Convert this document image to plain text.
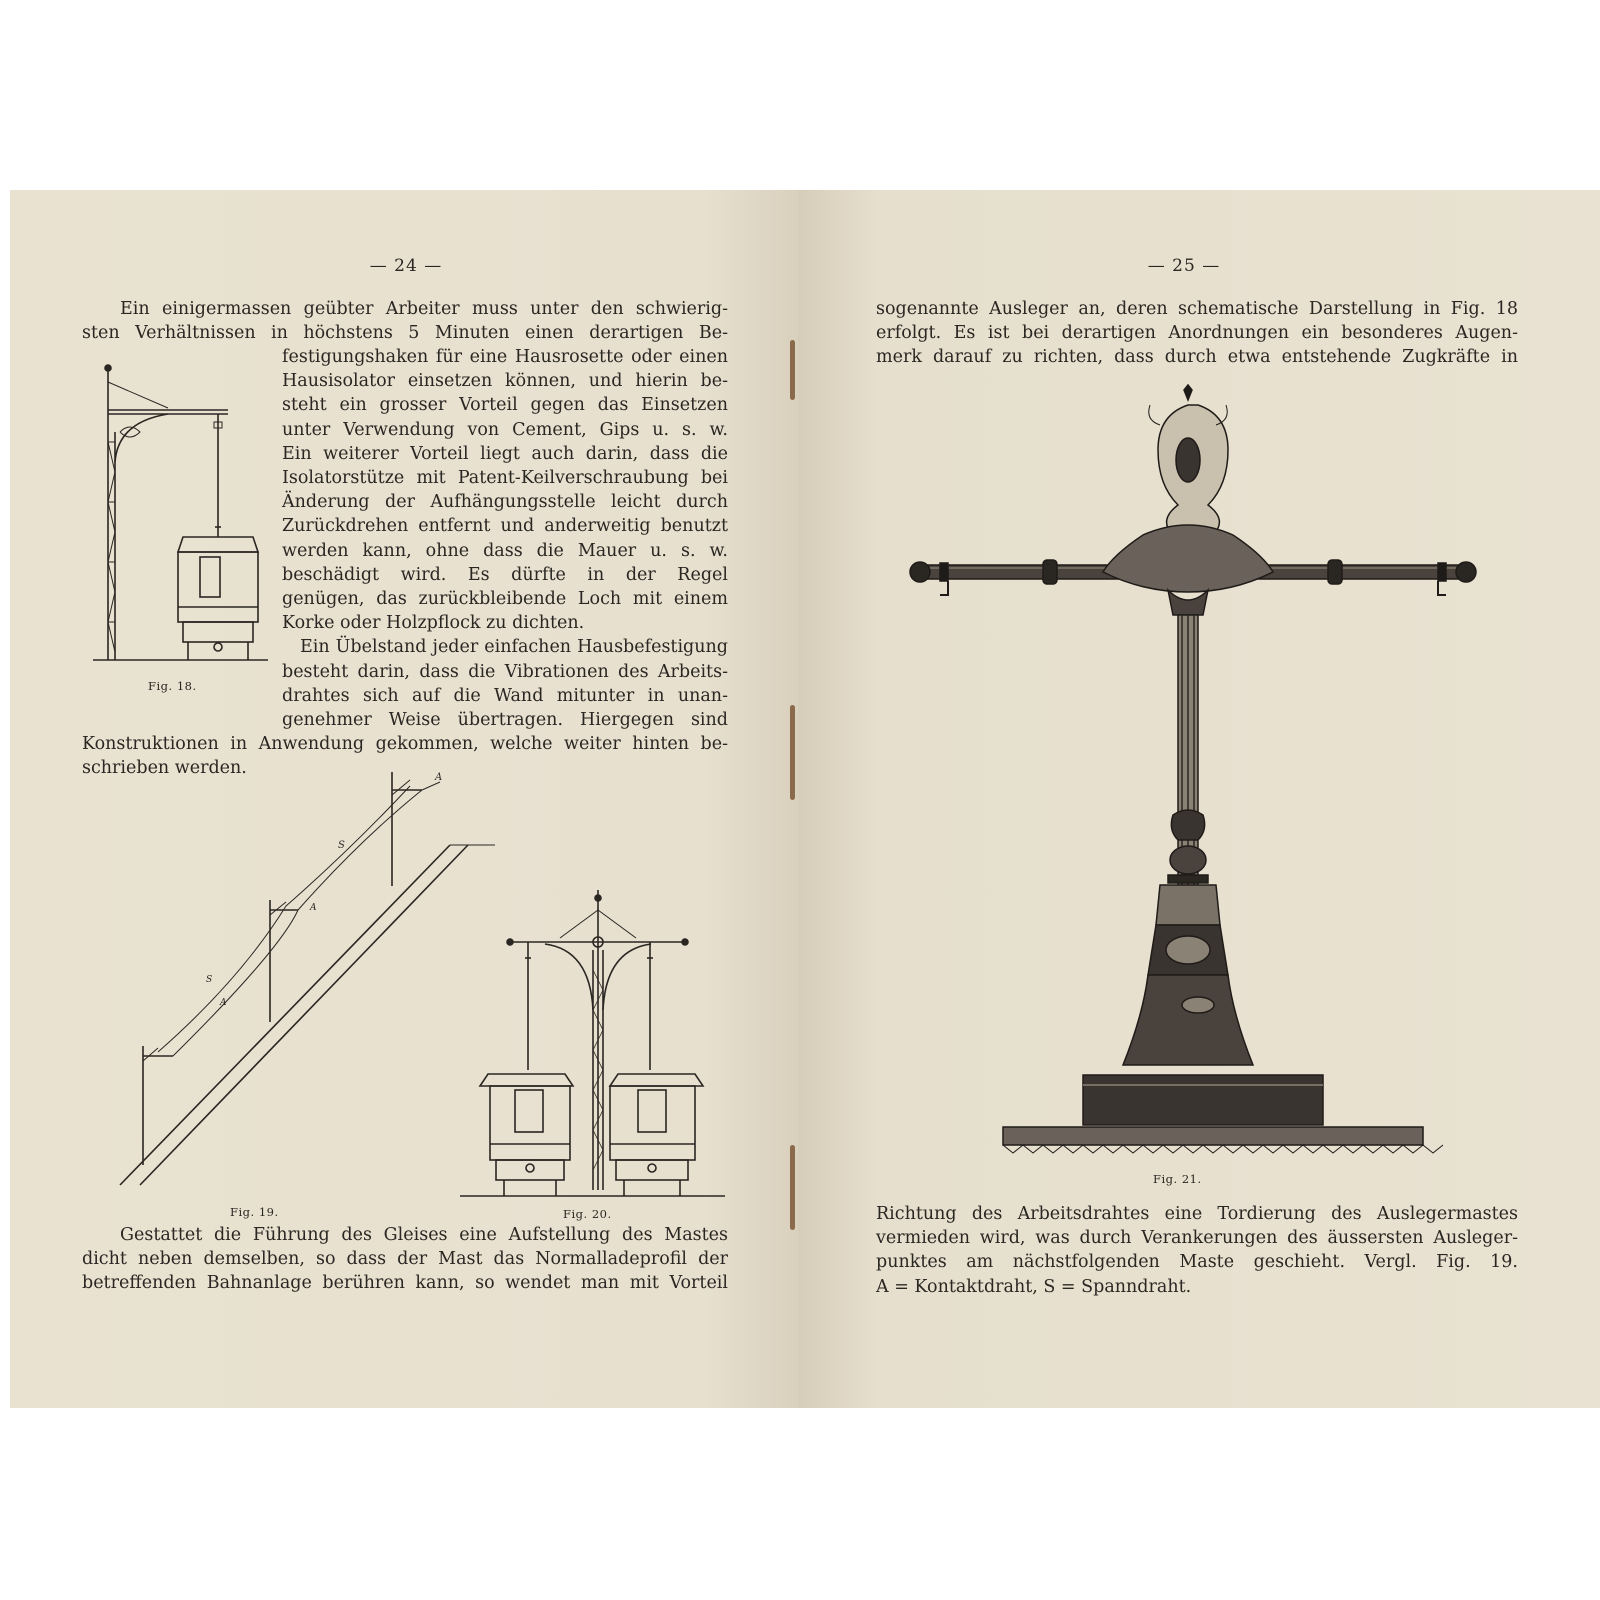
— 24 —
Ein einigermassen geübter Arbeiter muss unter den schwierig-
sten Verhältnissen in höchstens 5 Minuten einen derartigen Be-
festigungshaken für eine Hausrosette oder einen
Hausisolator einsetzen können, und hierin be-
steht ein grosser Vorteil gegen das Einsetzen
unter Verwendung von Cement, Gips u. s. w.
Ein weiterer Vorteil liegt auch darin, dass die
Isolatorstütze mit Patent-Keilverschraubung bei
Änderung der Aufhängungsstelle leicht durch
Zurückdrehen entfernt und anderweitig benutzt
werden kann, ohne dass die Mauer u. s. w.
beschädigt wird. Es dürfte in der Regel
genügen, das zurückbleibende Loch mit einem
Korke oder Holzpflock zu dichten.
Ein Übelstand jeder einfachen Hausbefestigung
besteht darin, dass die Vibrationen des Arbeits-
drahtes sich auf die Wand mitunter in unan-
genehmer Weise übertragen. Hiergegen sind
Konstruktionen in Anwendung gekommen, welche weiter hinten be-
schrieben werden.
Fig. 18.
A
S
A
S
A
Fig. 19.	Fig. 20.
Gestattet die Führung des Gleises eine Aufstellung des Mastes
dicht neben demselben, so dass der Mast das Normalladeprofil der
betreffenden Bahnanlage berühren kann, so wendet man mit Vorteil
— 25 —
sogenannte Ausleger an, deren schematische Darstellung in Fig. 18
erfolgt. Es ist bei derartigen Anordnungen ein besonderes Augen-
merk darauf zu richten, dass durch etwa entstehende Zugkräfte in
Fig. 21.
Richtung des Arbeitsdrahtes eine Tordierung des Auslegermastes
vermieden wird, was durch Verankerungen des äussersten Ausleger-
punktes am nächstfolgenden Maste geschieht. Vergl. Fig. 19.
A = Kontaktdraht, S = Spanndraht.
